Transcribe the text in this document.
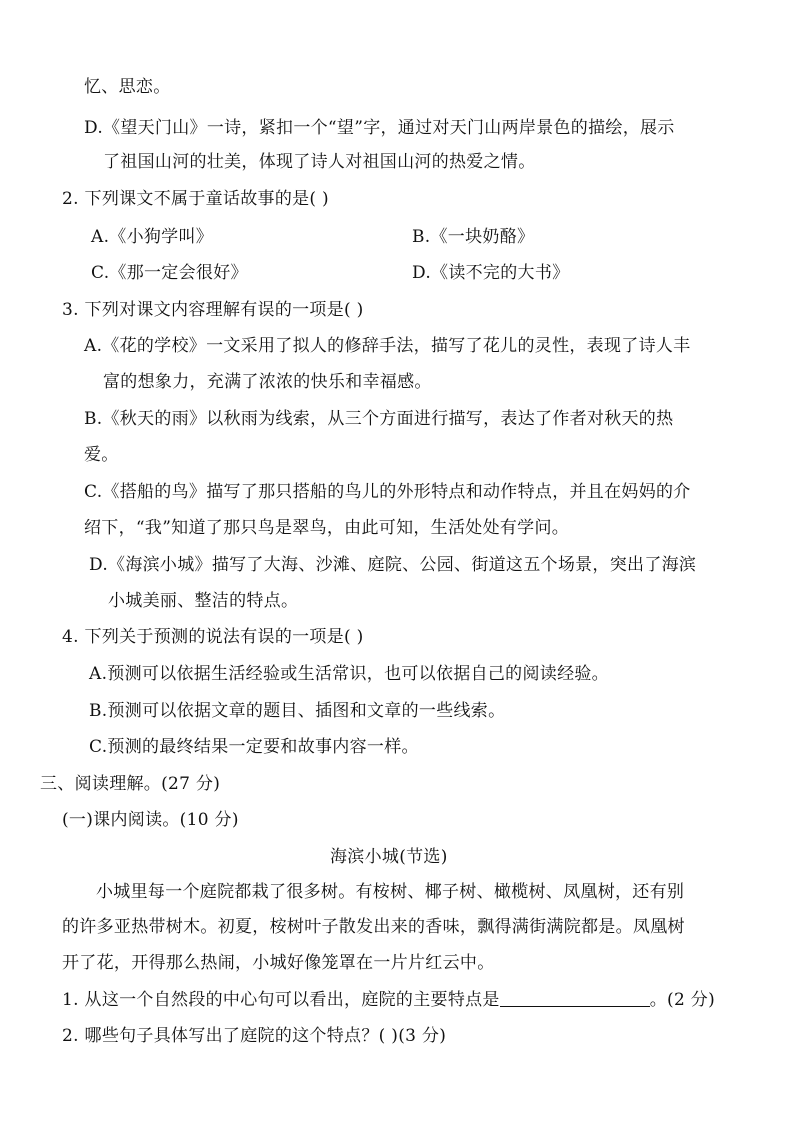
忆、思恋。
D.《望天门山》一诗，紧扣一个“望”字，通过对天门山两岸景色的描绘，展示
了祖国山河的壮美，体现了诗人对祖国山河的热爱之情。
2. 下列课文不属于童话故事的是( )
A.《小狗学叫》	B.《一块奶酪》
C.《那一定会很好》	D.《读不完的大书》
3. 下列对课文内容理解有误的一项是( )
A.《花的学校》一文采用了拟人的修辞手法，描写了花儿的灵性，表现了诗人丰
富的想象力，充满了浓浓的快乐和幸福感。
B.《秋天的雨》以秋雨为线索，从三个方面进行描写，表达了作者对秋天的热
爱。
C.《搭船的鸟》描写了那只搭船的鸟儿的外形特点和动作特点，并且在妈妈的介
绍下，“我”知道了那只鸟是翠鸟，由此可知，生活处处有学问。
D.《海滨小城》描写了大海、沙滩、庭院、公园、街道这五个场景，突出了海滨
小城美丽、整洁的特点。
4. 下列关于预测的说法有误的一项是( )
A.预测可以依据生活经验或生活常识，也可以依据自己的阅读经验。
B.预测可以依据文章的题目、插图和文章的一些线索。
C.预测的最终结果一定要和故事内容一样。
三、阅读理解。(27 分)
(一)课内阅读。(10 分)
海滨小城(节选)
小城里每一个庭院都栽了很多树。有桉树、椰子树、橄榄树、凤凰树，还有别
的许多亚热带树木。初夏，桉树叶子散发出来的香味，飘得满街满院都是。凤凰树
开了花，开得那么热闹，小城好像笼罩在一片片红云中。
1. 从这一个自然段的中心句可以看出，庭院的主要特点是	。(2 分)
2. 哪些句子具体写出了庭院的这个特点？( )(3 分)
